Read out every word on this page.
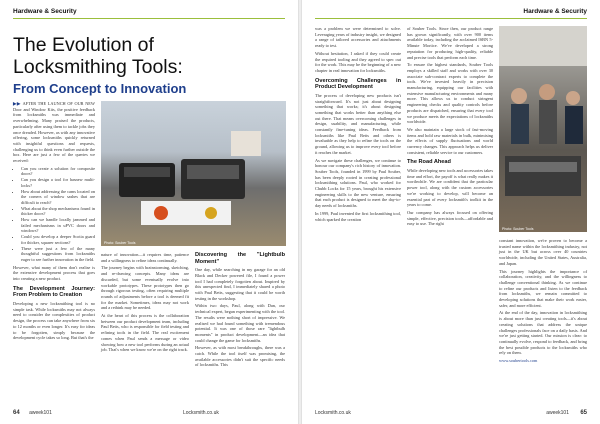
Hardware & Security
The Evolution of
Locksmithing Tools:
From Concept to Innovation

▶▶ AFTER THE LAUNCH OF OUR NEW Door and Window Kits, the positive feedback from locksmiths was immediate and overwhelming. Many praised the products, particularly after using them to tackle jobs they once dreaded. However, as with any innovative offering, some locksmiths quickly returned with insightful questions and requests, challenging us to think even further outside the box. Here are just a few of the queries we received:

• Can you create a solution for composite doors?
• Can you design a tool for hasnew multi-locks?
• How about addressing the cams located on the corners of window sashes that are difficult to reach?
• What about the shop mechanisms found in thicker doors?
• How can we handle locally jammed and failed mechanisms in uPVC doors and windows?
• Could you develop a deeper Scotia guard for thicker, squarer sections?
• These were just a few of the many thoughtful suggestions from locksmiths eager to see further innovation in the field.

However, what many of them don't realise is the extensive development process that goes into creating a new product.

The Development Journey: From Problem to Creation

Developing a new locksmithing tool is no simple task. While locksmiths may not always need to consider the complexities of product design, the process can take anywhere from six to 12 months or even longer. It's easy for ideas to be forgotten, simply because the development cycle takes so long. But that's the

Photo: Souber Tools

nature of innovation—it requires time, patience and a willingness to refine ideas continually.

The journey begins with brainstorming, sketching, and re-drawing concepts. Many ideas are discarded, but some eventually evolve into workable prototypes. These prototypes then go through rigorous testing, often requiring multiple rounds of adjustments before a tool is deemed fit for the market. Sometimes, ideas may not work and a rethink may be needed.

At the heart of this process is the collaboration between our product development team, including Paul Betts, who is responsible for field testing and refining tools in the field. The real excitement comes when Paul sends a message or video showing how a new tool performs during an actual job. That's when we know we're on the right track.

Discovering the "Lightbulb Moment"

One day, while searching in my garage for an old Black and Decker powered file, I found a power tool I had completely forgotten about. Inspired by this unexpected find, I immediately shared a photo with Paul Betts, suggesting that it could be worth testing in the workshop.

Within two days, Paul, along with Dan, our technical expert, began experimenting with the tool. The results were nothing short of impressive. We realised we had found something with tremendous potential. It was one of those rare "lightbulb moments" in product development—an idea that could change the game for locksmiths.

However, as with most breakthroughs, there was a catch. While the tool itself was promising, the available accessories didn't suit the specific needs of locksmiths. This

64 aweek101	Locksmith.co.uk
Hardware & Security

was a problem we were determined to solve. Leveraging years of industry insight, we designed a range of tailored accessories and attachments ready to test.

Without hesitation, I asked if they could create the required tooling and they agreed to spec out for the work. This may be the beginning of a new chapter in real innovation for locksmiths.

Overcoming Challenges in Product Development

The process of developing new products isn't straightforward. It's not just about designing something that works; it's about designing something that works better than anything else out there. That means overcoming challenges in design, usability, and manufacturing, while constantly fine-tuning ideas. Feedback from locksmiths like Paul Betts and others is invaluable as they help to refine the tools on the ground, allowing us to improve every tool before it reaches the market.

As we navigate these challenges, we continue to honour our company's rich history of innovation. Souber Tools, founded in 1999 by Paul Souber, has been deeply rooted in creating professional locksmithing solutions. Paul, who worked for Chubb Locks for 15 years, brought his extensive engineering skills to the new venture, ensuring that each product is designed to meet the day-to-day needs of locksmiths.

In 1999, Paul invented the first locksmithing tool, which sparked the creation

of Souber Tools. Since then, our product range has grown significantly, with over 900 items available today, including the acclaimed ISBN 5-Minute Mortice. We've developed a strong reputation for producing high-quality, reliable and precise tools that perform each time.

To ensure the highest standards, Souber Tools employs a skilled staff and works with over 30 associate sub-contract experts to complete the tools. We've invested heavily in precision manufacturing, equipping our facilities with extensive manufacturing environments and many more. This allows us to conduct stringent engineering checks and quality controls before products are dispatched, ensuring that every tool we produce meets the expectations of locksmiths worldwide.

We also maintain a large stock of fast-moving items and hold raw materials in bulk, minimising the effects of supply fluctuations and world currency changes. This approach helps us deliver consistent, reliable service to our customers.

The Road Ahead

While developing new tools and accessories takes time and effort, the payoff is what really makes it worthwhile. We are confident that the particular power tool, along with the custom accessories we're working to develop, will become an essential part of every locksmith's toolkit in the years to come.

Our company has always focused on offering simple, effective, precision tools—affordable and easy to use. The right

constant innovation, we're proven to become a trusted name within the locksmithing industry, not just in the UK but across over 40 countries worldwide, including the United States, Australia, and Japan.

This journey highlights the importance of collaboration, creativity, and the willingness to challenge conventional thinking. As we continue to refine our products and listen to the feedback from locksmiths, we remain committed to developing solutions that make their work easier, safer, and more efficient.

At the end of the day, innovation in locksmithing is about more than just creating tools—it's about creating solutions that address the unique challenges professionals face on a daily basis. And we're just getting started. Our mission is clear: to continually evolve, respond to feedback, and bring the best possible products to the locksmiths who rely on them.

www.soubertools.com

Locksmith.co.uk	aweek101 65
Photo: Souber Tools
